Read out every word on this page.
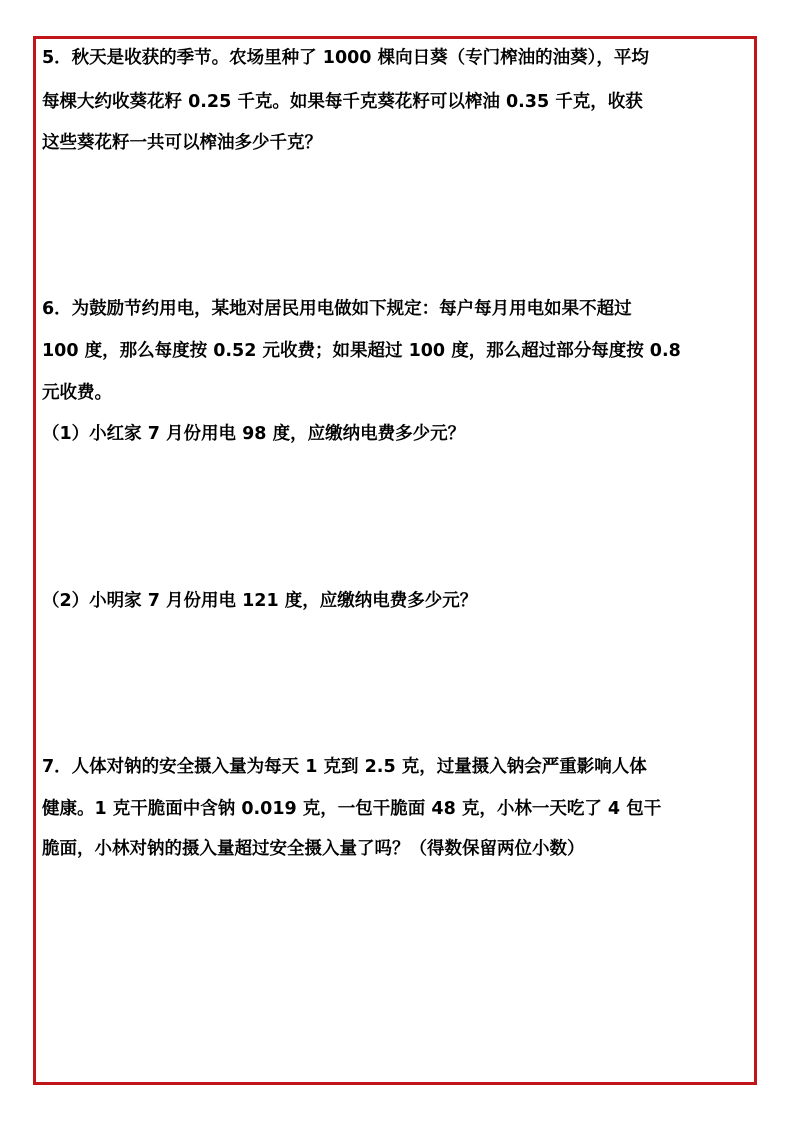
5．秋天是收获的季节。农场里种了 1000 棵向日葵（专门榨油的油葵），平均
每棵大约收葵花籽 0.25 千克。如果每千克葵花籽可以榨油 0.35 千克，收获
这些葵花籽一共可以榨油多少千克？
6．为鼓励节约用电，某地对居民用电做如下规定：每户每月用电如果不超过
100 度，那么每度按 0.52 元收费；如果超过 100 度，那么超过部分每度按 0.8
元收费。
（1）小红家 7 月份用电 98 度，应缴纳电费多少元？
（2）小明家 7 月份用电 121 度，应缴纳电费多少元？
7．人体对钠的安全摄入量为每天 1 克到 2.5 克，过量摄入钠会严重影响人体
健康。1 克干脆面中含钠 0.019 克，一包干脆面 48 克，小林一天吃了 4 包干
脆面，小林对钠的摄入量超过安全摄入量了吗？（得数保留两位小数）
